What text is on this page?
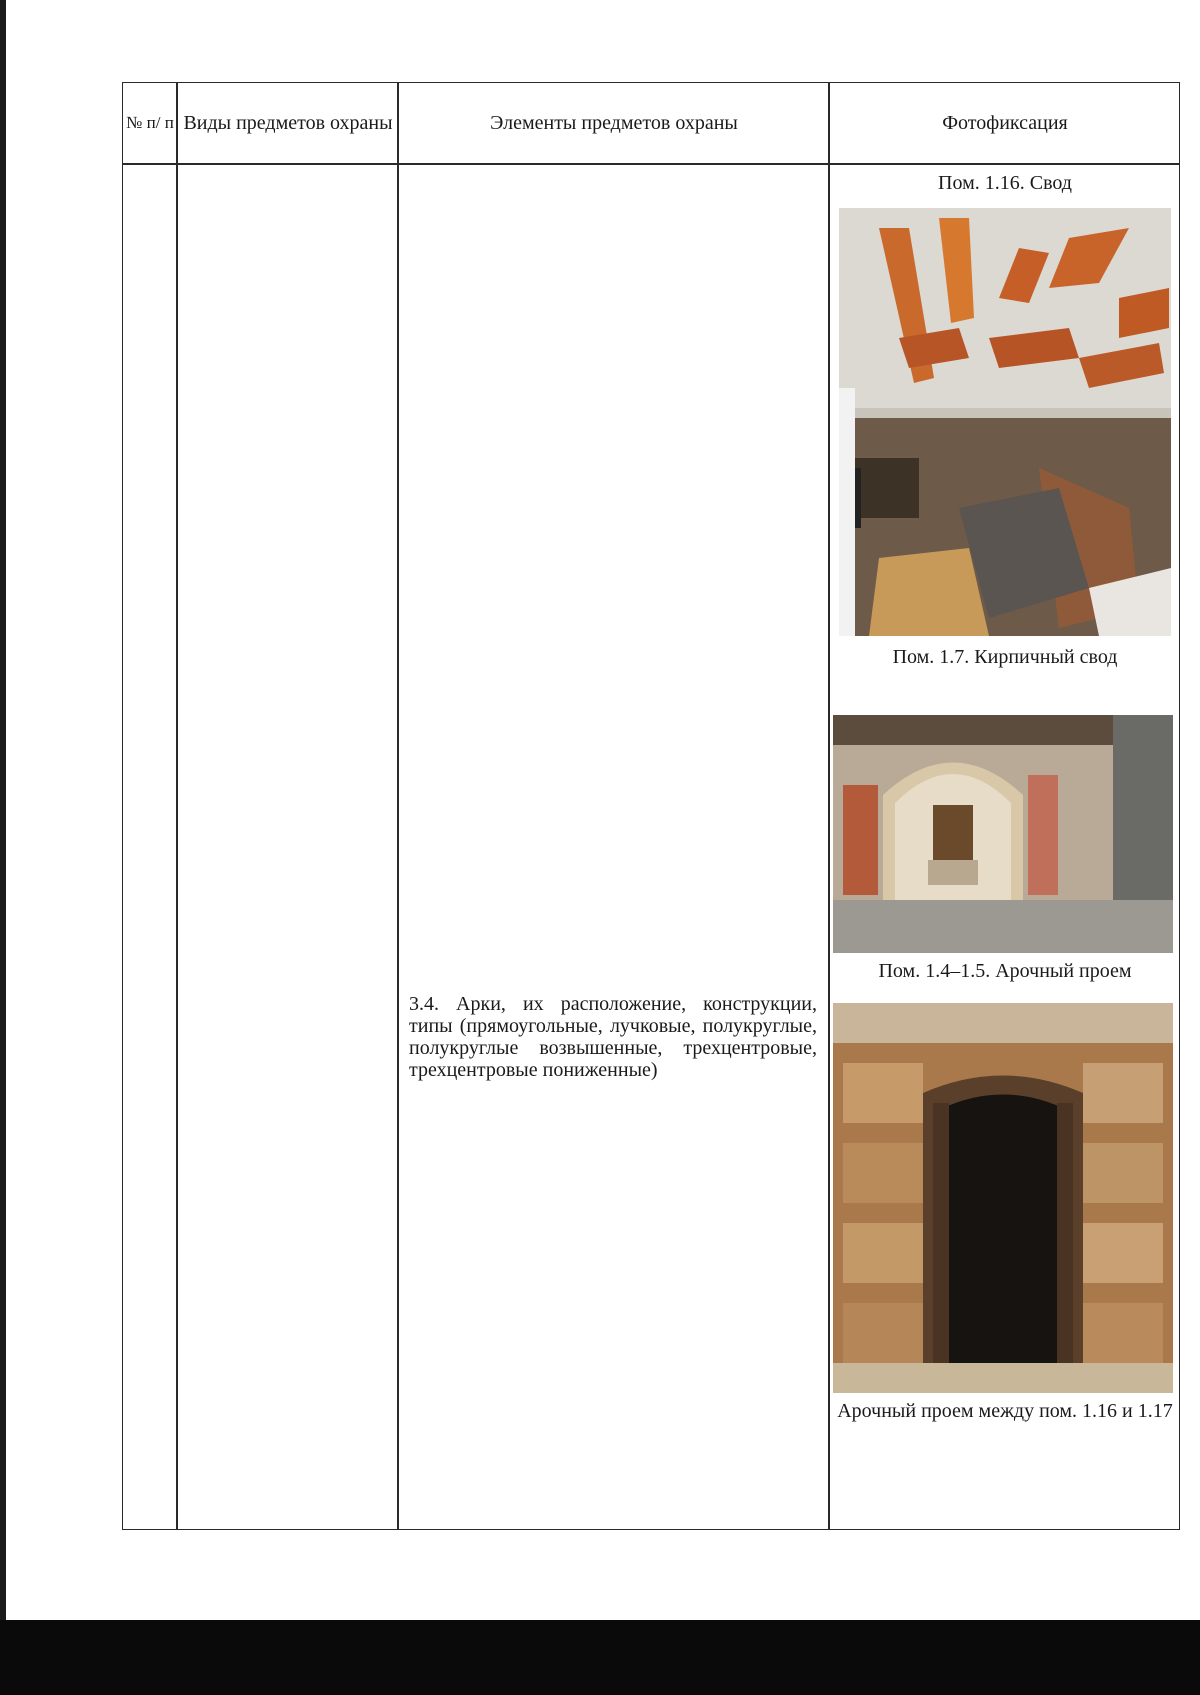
№ п/ п Виды предметов охраны	Элементы предметов охраны	Фотофиксация
3.4. Арки, их расположение, конструкции, типы (прямоугольные, лучковые, полукруглые, полукруглые возвышенные, трехцентровые, трехцентровые пониженные)
Пом. 1.16. Свод
Пом. 1.7. Кирпичный свод
Пом. 1.4–1.5. Арочный проем
Арочный проем между пом. 1.16 и 1.17
